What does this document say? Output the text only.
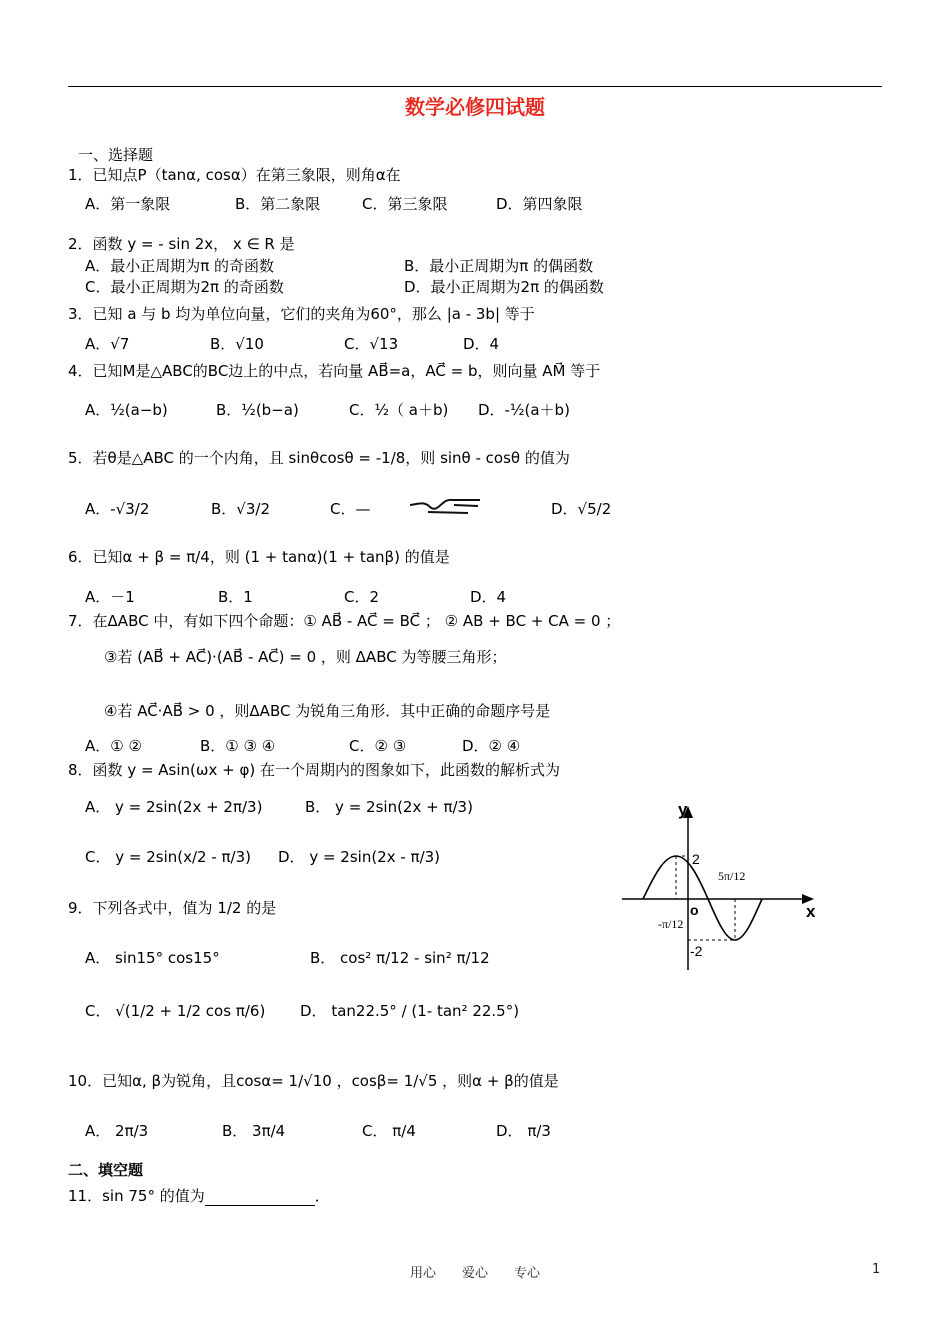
数学必修四试题
一、选择题
1．已知点P（tanα, cosα）在第三象限，则角α在
A．第一象限	B．第二象限	C．第三象限	D．第四象限
2．函数 y = - sin 2x， x ∈ R 是
A．最小正周期为π 的奇函数	B．最小正周期为π 的偶函数
C．最小正周期为2π 的奇函数	D．最小正周期为2π 的偶函数
3．已知 a 与 b 均为单位向量，它们的夹角为60°，那么 |a - 3b| 等于
A．√7	B．√10	C．√13	D．4
4．已知M是△ABC的BC边上的中点，若向量 AB⃗=a，AC⃗ = b，则向量 AM⃗ 等于
A．½(a−b)	B．½(b−a)	C．½（ a＋b) D．-½(a＋b)
5．若θ是△ABC 的一个内角，且 sinθcosθ = -1/8，则 sinθ - cosθ 的值为
A．-√3/2	B．√3/2	C．—	D．√5/2
6．已知α + β = π/4，则 (1 + tanα)(1 + tanβ) 的值是
A．－1	B．1	C．2	D．4
7．在ΔABC 中，有如下四个命题：① AB⃗ - AC⃗ = BC⃗ ； ② AB + BC + CA = 0 ；
③若 (AB⃗ + AC⃗)·(AB⃗ - AC⃗) = 0 ，则 ΔABC 为等腰三角形；
④若 AC⃗·AB⃗ > 0 ，则ΔABC 为锐角三角形．其中正确的命题序号是
A．① ②	B．① ③ ④	C．② ③	D．② ④
8．函数 y = Asin(ωx + φ) 在一个周期内的图象如下，此函数的解析式为
A． y = 2sin(2x + 2π/3)	B． y = 2sin(2x + π/3)
C． y = 2sin(x/2 - π/3) D． y = 2sin(2x - π/3)
y
x
o
2
-2
-π/12
5π/12
9．下列各式中，值为 1/2 的是
A． sin15° cos15°	B． cos² π/12 - sin² π/12
C． √(1/2 + 1/2 cos π/6) D． tan22.5° / (1- tan² 22.5°)
10．已知α, β为锐角，且cosα= 1/√10 ，cosβ= 1/√5 ，则α + β的值是
A． 2π/3	B． 3π/4	C． π/4	D． π/3
二、填空题
11．sin 75° 的值为	．
用心　　爱心　　专心	1
